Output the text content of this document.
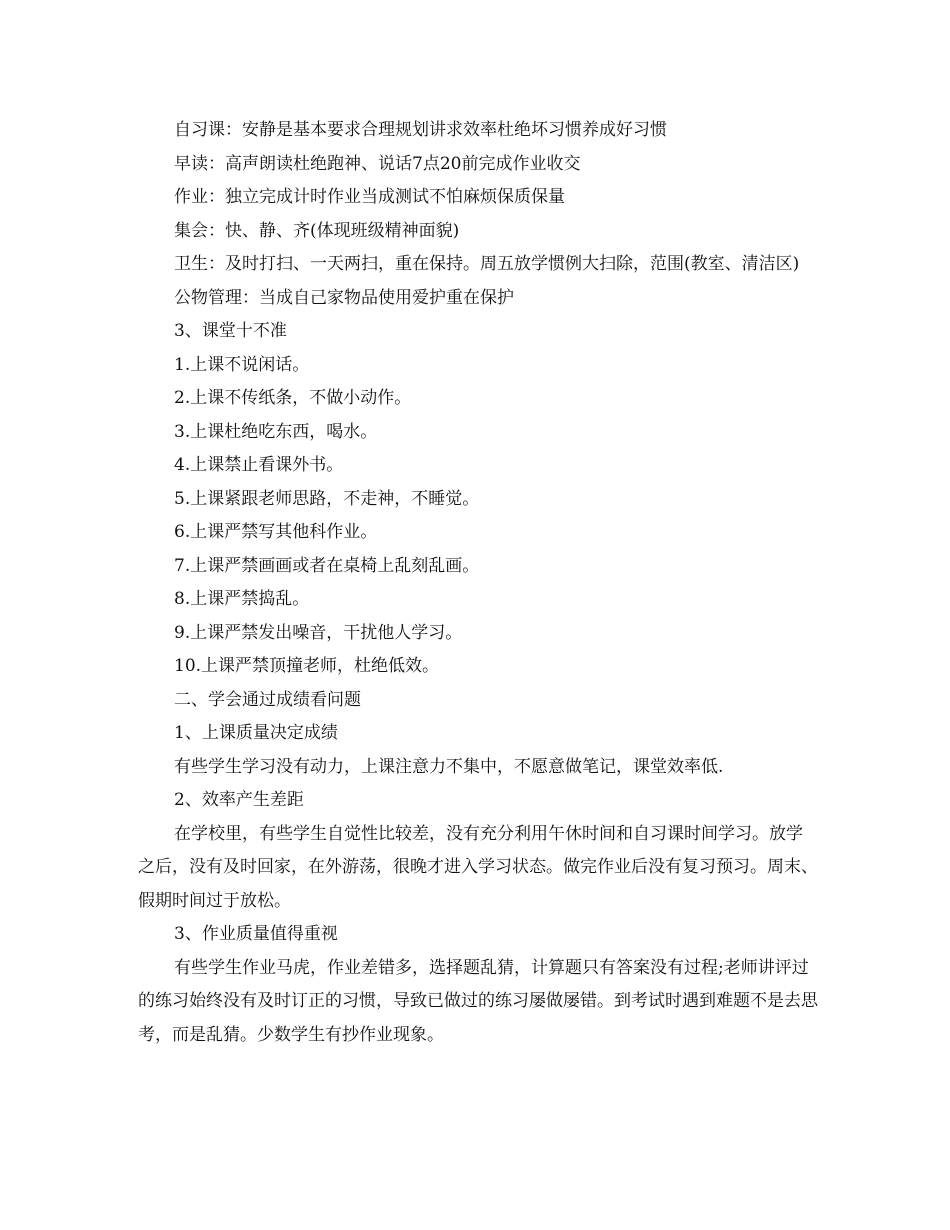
自习课：安静是基本要求合理规划讲求效率杜绝坏习惯养成好习惯

早读：高声朗读杜绝跑神、说话7点20前完成作业收交

作业：独立完成计时作业当成测试不怕麻烦保质保量

集会：快、静、齐(体现班级精神面貌)

卫生：及时打扫、一天两扫，重在保持。周五放学惯例大扫除，范围(教室、清洁区)

公物管理：当成自己家物品使用爱护重在保护

3、课堂十不准

1.上课不说闲话。

2.上课不传纸条，不做小动作。

3.上课杜绝吃东西，喝水。

4.上课禁止看课外书。

5.上课紧跟老师思路，不走神，不睡觉。

6.上课严禁写其他科作业。

7.上课严禁画画或者在桌椅上乱刻乱画。

8.上课严禁捣乱。

9.上课严禁发出噪音，干扰他人学习。

10.上课严禁顶撞老师，杜绝低效。

二、学会通过成绩看问题

1、上课质量决定成绩

有些学生学习没有动力，上课注意力不集中，不愿意做笔记，课堂效率低.

2、效率产生差距

在学校里，有些学生自觉性比较差，没有充分利用午休时间和自习课时间学习。放学之后，没有及时回家，在外游荡，很晚才进入学习状态。做完作业后没有复习预习。周末、假期时间过于放松。

3、作业质量值得重视

有些学生作业马虎，作业差错多，选择题乱猜，计算题只有答案没有过程;老师讲评过的练习始终没有及时订正的习惯，导致已做过的练习屡做屡错。到考试时遇到难题不是去思考，而是乱猜。少数学生有抄作业现象。
